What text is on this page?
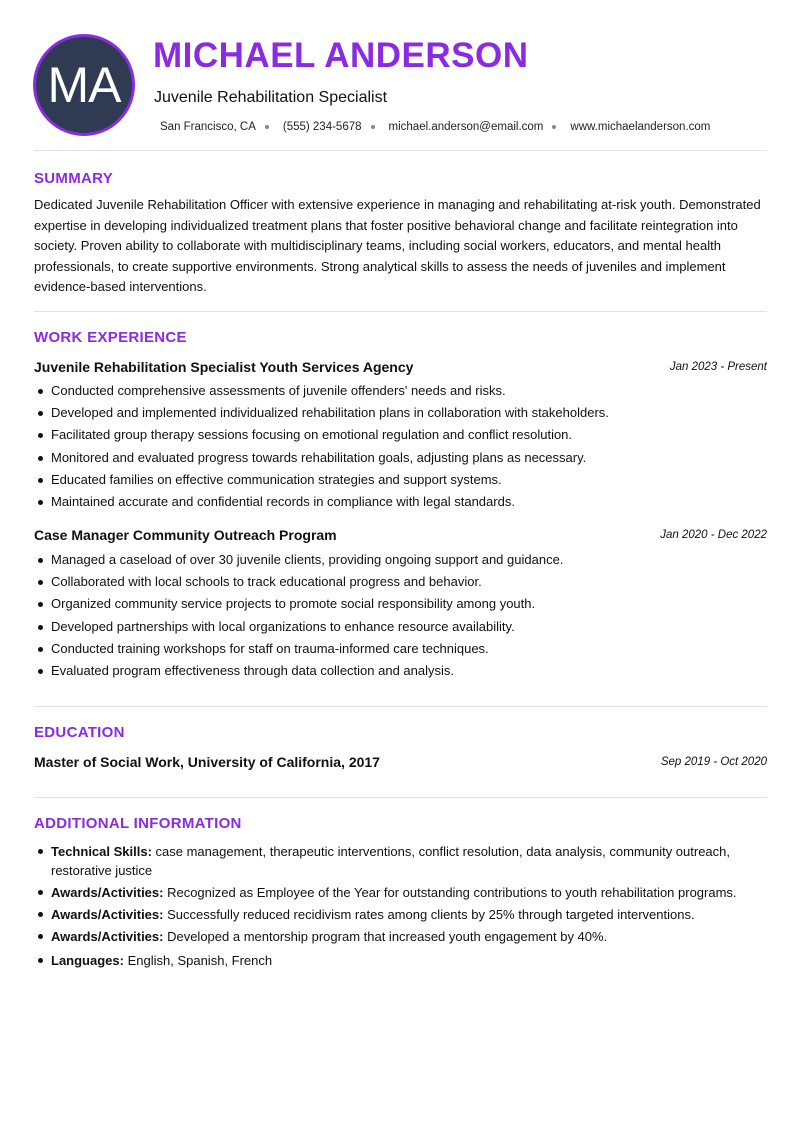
MA
MICHAEL ANDERSON
Juvenile Rehabilitation Specialist
San Francisco, CA (555) 234-5678 michael.anderson@email.com www.michaelanderson.com
SUMMARY
Dedicated Juvenile Rehabilitation Officer with extensive experience in managing and rehabilitating at-risk youth. Demonstrated expertise in developing individualized treatment plans that foster positive behavioral change and facilitate reintegration into society. Proven ability to collaborate with multidisciplinary teams, including social workers, educators, and mental health professionals, to create supportive environments. Strong analytical skills to assess the needs of juveniles and implement evidence-based interventions.
WORK EXPERIENCE
Juvenile Rehabilitation Specialist Youth Services Agency	Jan 2023 - Present
Conducted comprehensive assessments of juvenile offenders' needs and risks.
Developed and implemented individualized rehabilitation plans in collaboration with stakeholders.
Facilitated group therapy sessions focusing on emotional regulation and conflict resolution.
Monitored and evaluated progress towards rehabilitation goals, adjusting plans as necessary.
Educated families on effective communication strategies and support systems.
Maintained accurate and confidential records in compliance with legal standards.
Case Manager Community Outreach Program	Jan 2020 - Dec 2022
Managed a caseload of over 30 juvenile clients, providing ongoing support and guidance.
Collaborated with local schools to track educational progress and behavior.
Organized community service projects to promote social responsibility among youth.
Developed partnerships with local organizations to enhance resource availability.
Conducted training workshops for staff on trauma-informed care techniques.
Evaluated program effectiveness through data collection and analysis.
EDUCATION
Master of Social Work, University of California, 2017	Sep 2019 - Oct 2020
ADDITIONAL INFORMATION
Technical Skills: case management, therapeutic interventions, conflict resolution, data analysis, community outreach, restorative justice
Awards/Activities: Recognized as Employee of the Year for outstanding contributions to youth rehabilitation programs.
Awards/Activities: Successfully reduced recidivism rates among clients by 25% through targeted interventions.
Awards/Activities: Developed a mentorship program that increased youth engagement by 40%.
Languages: English, Spanish, French
